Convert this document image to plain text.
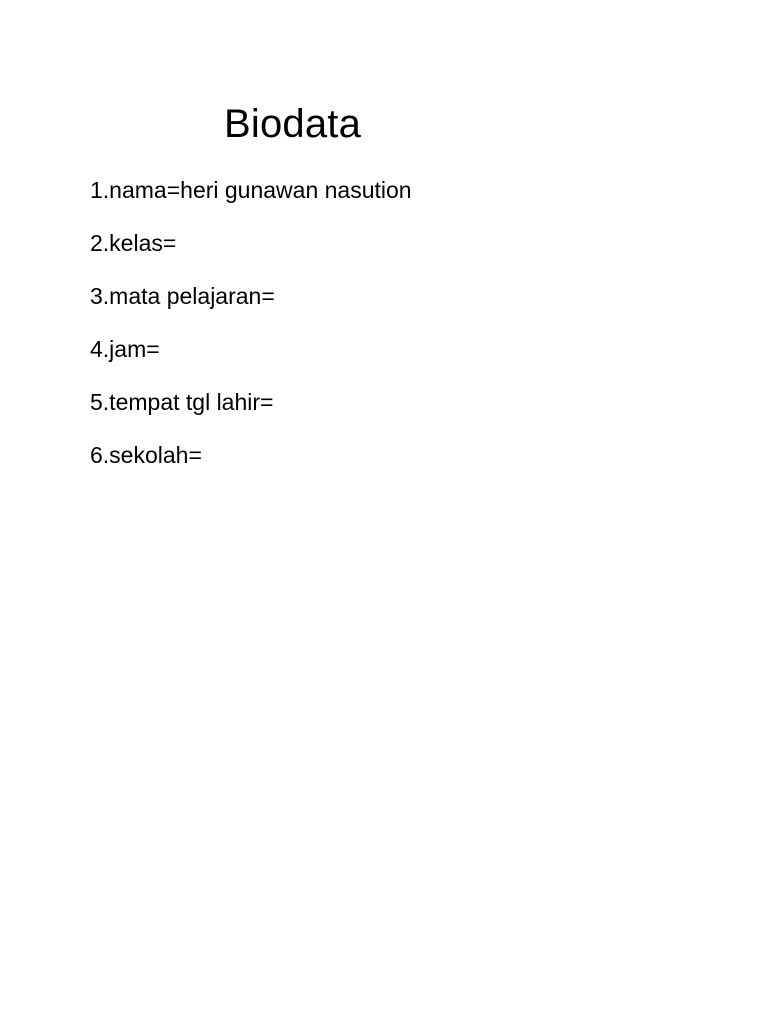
Biodata
1.nama=heri gunawan nasution
2.kelas=
3.mata pelajaran=
4.jam=
5.tempat tgl lahir=
6.sekolah=
